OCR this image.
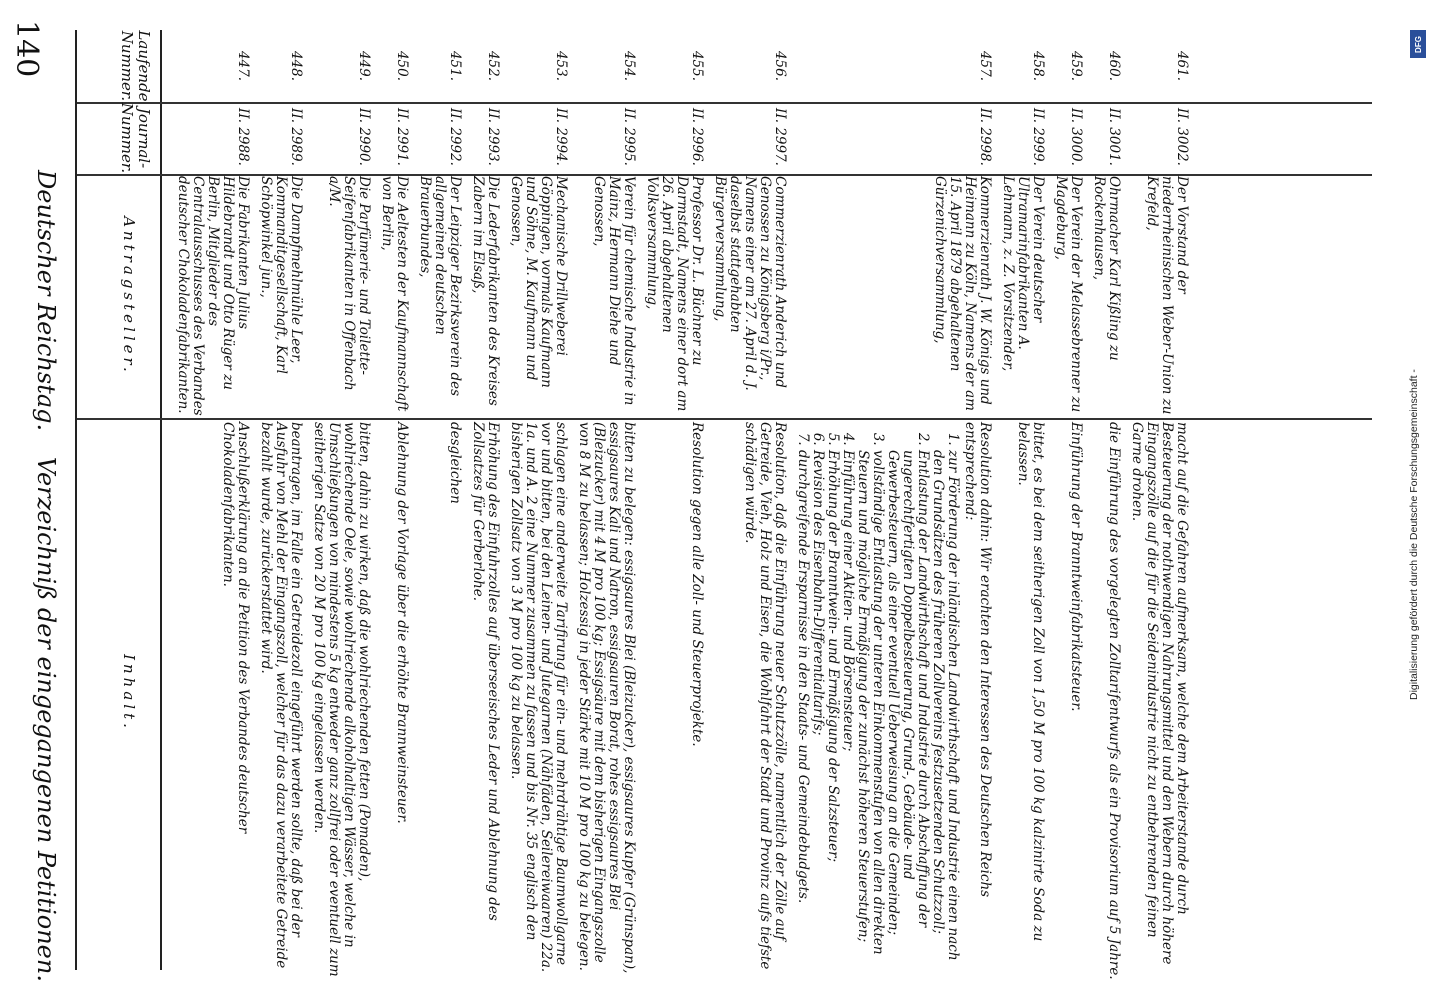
140
Deutscher Reichstag. Verzeichniß der eingegangenen Petitionen.
Laufende Nummer.
Journal-Nummer.
Antragsteller.
Inhalt.
447.
II. 2988.
Die Fabrikanten Julius Hildebrandt und Otto Rüger zu Berlin, Mitglieder des Centralausschusses des Verbandes deutscher Chokoladenfabrikanten.
Anschlußerklärung an die Petition des Verbandes deutscher Chokoladenfabrikanten.
448.
II. 2989.
Die Dampfmehlmühle Leer, Kommanditgesellschaft, Karl Schöpwinkel jun.,
beantragen, im Falle ein Getreidezoll eingeführt werden sollte, daß bei der Ausfuhr von Mehl der Eingangszoll, welcher für das dazu verarbeitete Getreide bezahlt wurde, zurückerstattet wird.
449.
II. 2990.
Die Parfümerie- und Toilette-Seifenfabrikanten in Offenbach a/M.
bitten, dahin zu wirken, daß die wohlriechenden fetten (Pomaden), wohlriechende Oele, sowie wohlriechende alkoholhaltigen Wässer, welche in Umschließungen von mindestens 5 kg entweder ganz zollfrei oder eventuell zum seitherigen Satze von 20 M pro 100 kg eingelassen werden.
450.
II. 2991.
Die Aeltesten der Kaufmannschaft von Berlin,
Ablehnung der Vorlage über die erhöhte Brannweinsteuer.
451.
II. 2992.
Der Leipziger Bezirksverein des allgemeinen deutschen Brauerbundes,
desgleichen
452.
II. 2993.
Die Lederfabrikanten des Kreises Zabern im Elsaß,
Erhöhung des Einfuhrzolles auf überseeisches Leder und Ablehnung des Zollsatzes für Gerberlohe.
453.
II. 2994.
Mechanische Drillweberei Göppingen, vormals Kaufmann und Söhne, M. Kaufmann und Genossen,
schlagen eine anderweite Tarifirung für ein- und mehrdrähtige Baumwollgarne vor und bitten, bei den Leinen- und Jutegarnen (Nähfäden, Seilereiwaaren) 22a. 1a. und A. 2 eine Nummer zusammen zu fassen und bis Nr. 35 englisch den bisherigen Zollsatz von 3 M pro 100 kg zu belassen.
454.
II. 2995.
Verein für chemische Industrie in Mainz, Hermann Diehe und Genossen,
bitten zu belegen: essigsaures Blei (Bleizucker), essigsaures Kupfer (Grünspan), essigsaures Kali und Natron, essigsauren Borat, rohes essigsaures Blei (Bleizucker) mit 4 M pro 100 kg; Essigsäure mit dem bisherigen Eingangszolle von 8 M zu belassen; Holzessig in jeder Stärke mit 10 M pro 100 kg zu belegen.
455.
II. 2996.
Professor Dr. L. Büchner zu Darmstadt, Namens einer dort am 26. April abgehaltenen Volksversammlung,
Resolution gegen alle Zoll- und Steuerprojekte.
456.
II. 2997.
Commerzienrath Anderich und Genossen zu Königsberg i/Pr., Namens einer am 27. April d. J. daselbst stattgehabten Bürgerversammlung,
Resolution, daß die Einführung neuer Schutzzölle, namentlich der Zölle auf Getreide, Vieh, Holz und Eisen, die Wohlfahrt der Stadt und Provinz aufs tiefste schädigen würde.
457.
II. 2998.
Kommerzienrath J. W. Königs und Heimann zu Köln, Namens der am 15. April 1879 abgehaltenen Gürzenichversammlung,
Resolution dahin: Wir erachten den Interessen des Deutschen Reichs entsprechend:
1. zur Förderung der inländischen Landwirthschaft und Industrie einen nach den Grundsätzen des früheren Zollvereins festzusetzenden Schutzzoll;
2. Entlastung der Landwirthschaft und Industrie durch Abschaffung der ungerechtfertigten Doppelbesteuerung, Grund-, Gebäude- und Gewerbesteuern, als einer eventuell Ueberweisung an die Gemeinden;
3. vollständige Entlastung der unteren Einkommenstufen von allen direkten Steuern und mögliche Ermäßigung der zunächst höheren Steuerstufen;
4. Einführung einer Aktien- und Börsensteuer;
5. Erhöhung der Branntwein- und Ermäßigung der Salzsteuer;
6. Revision des Eisenbahn-Differentialtarifs;
7. durchgreifende Ersparnisse in den Staats- und Gemeindebudgets.
458.
II. 2999.
Der Verein deutscher Ultramarinfabrikanten A. Lehmann, z. Z. Vorsitzender,
bittet, es bei dem seitherigen Zoll von 1,50 M pro 100 kg kalzinirte Soda zu belassen.
459.
II. 3000.
Der Verein der Melassebrenner zu Magdeburg,
Einführung der Branntweinfabrikatsteuer.
460.
II. 3001.
Ohrmacher Karl Kißling zu Rockenhausen,
die Einführung des vorgelegten Zolltarifentwurfs als ein Provisorium auf 5 Jahre.
461.
II. 3002.
Der Vorstand der niederrheinischen Weber-Union zu Krefeld,
macht auf die Gefahren aufmerksam, welche dem Arbeiterstande durch Besteuerung der nothwendigen Nahrungsmittel und den Webern durch höhere Eingangszölle auf die für die Seidenindustrie nicht zu entbehrenden feinen Garne drohen.	Digitalisierung gefördert durch die Deutsche Forschungsgemeinschaft -
DFG
